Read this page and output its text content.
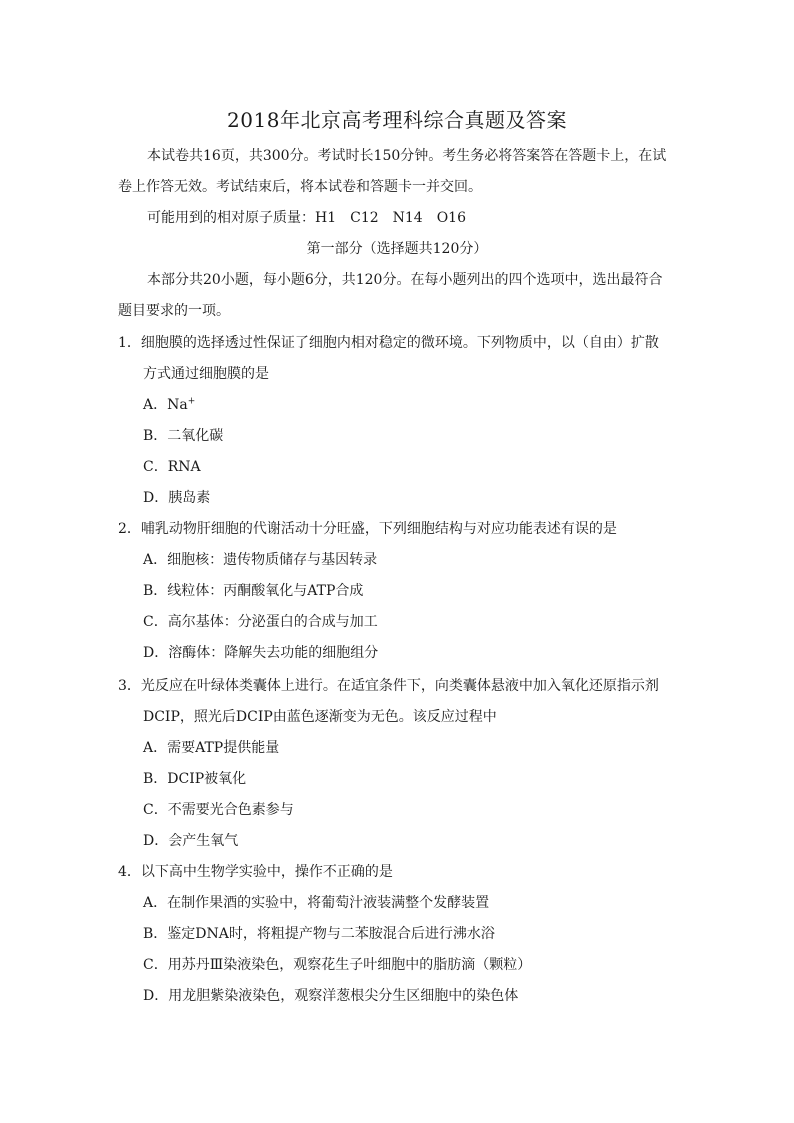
2018年北京高考理科综合真题及答案
本试卷共16页，共300分。考试时长150分钟。考生务必将答案答在答题卡上，在试
卷上作答无效。考试结束后，将本试卷和答题卡一并交回。
可能用到的相对原子质量：H1　C12　N14　O16
第一部分（选择题共120分）
本部分共20小题，每小题6分，共120分。在每小题列出的四个选项中，选出最符合
题目要求的一项。
1．细胞膜的选择透过性保证了细胞内相对稳定的微环境。下列物质中，以（自由）扩散
方式通过细胞膜的是
A．Na+
B．二氧化碳
C．RNA
D．胰岛素
2．哺乳动物肝细胞的代谢活动十分旺盛，下列细胞结构与对应功能表述有误的是
A．细胞核：遗传物质储存与基因转录
B．线粒体：丙酮酸氧化与ATP合成
C．高尔基体：分泌蛋白的合成与加工
D．溶酶体：降解失去功能的细胞组分
3．光反应在叶绿体类囊体上进行。在适宜条件下，向类囊体悬液中加入氧化还原指示剂
DCIP，照光后DCIP由蓝色逐渐变为无色。该反应过程中
A．需要ATP提供能量
B．DCIP被氧化
C．不需要光合色素参与
D．会产生氧气
4．以下高中生物学实验中，操作不正确的是
A．在制作果酒的实验中，将葡萄汁液装满整个发酵装置
B．鉴定DNA时，将粗提产物与二苯胺混合后进行沸水浴
C．用苏丹Ⅲ染液染色，观察花生子叶细胞中的脂肪滴（颗粒）
D．用龙胆紫染液染色，观察洋葱根尖分生区细胞中的染色体
